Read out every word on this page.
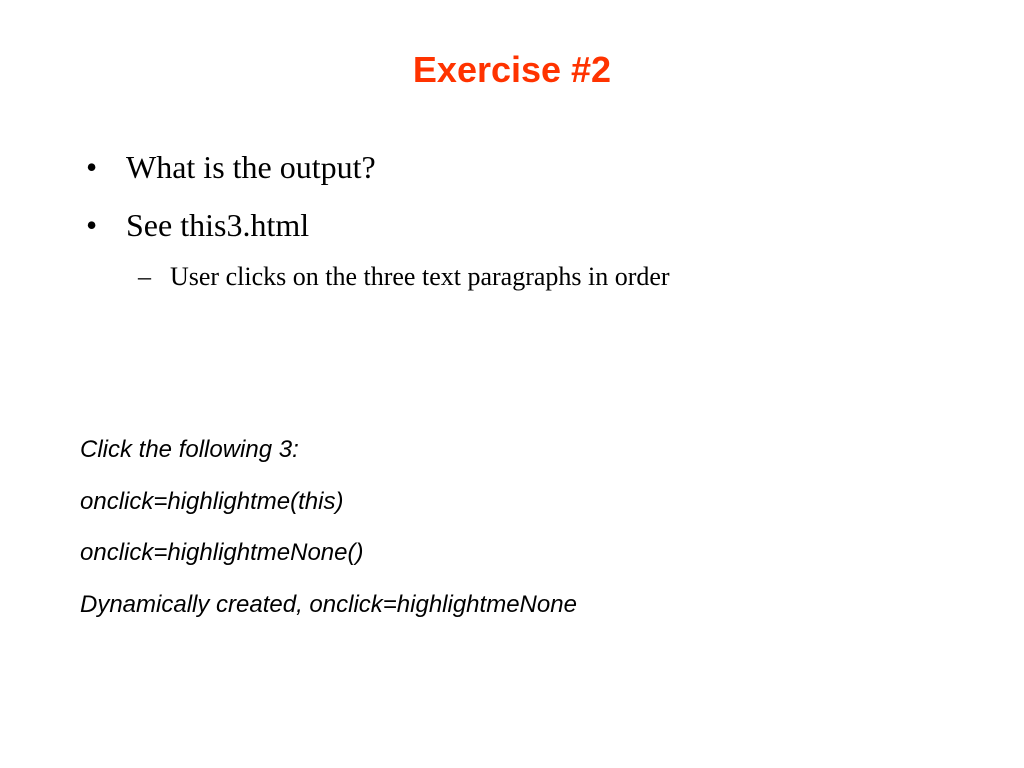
Exercise #2
• What is the output?
• See this3.html
– User clicks on the three text paragraphs in order
Click the following 3:
onclick=highlightme(this)
onclick=highlightmeNone()
Dynamically created, onclick=highlightmeNone
